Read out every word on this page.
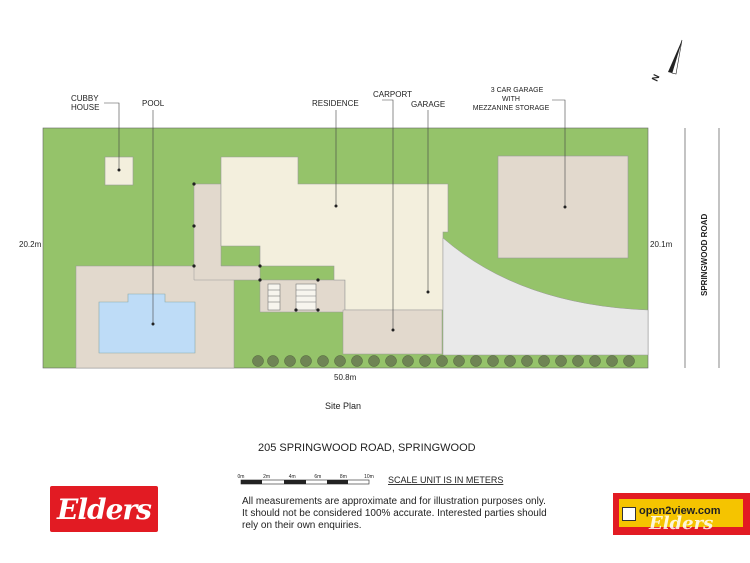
CUBBY
HOUSE	POOL	RESIDENCE
CARPORT
GARAGE
3 CAR GARAGE
WITH
MEZZANINE STORAGE
20.2m	20.1m
50.8m
SPRINGWOOD ROAD
N
Site Plan
205 SPRINGWOOD ROAD, SPRINGWOOD
0m	2m	4m	6m	8m	10m SCALE UNIT IS IN METERS
All measurements are approximate and for illustration purposes only. It should not be considered 100% accurate. Interested parties should rely on their own enquiries.
Elders	open2view.com
Elders
